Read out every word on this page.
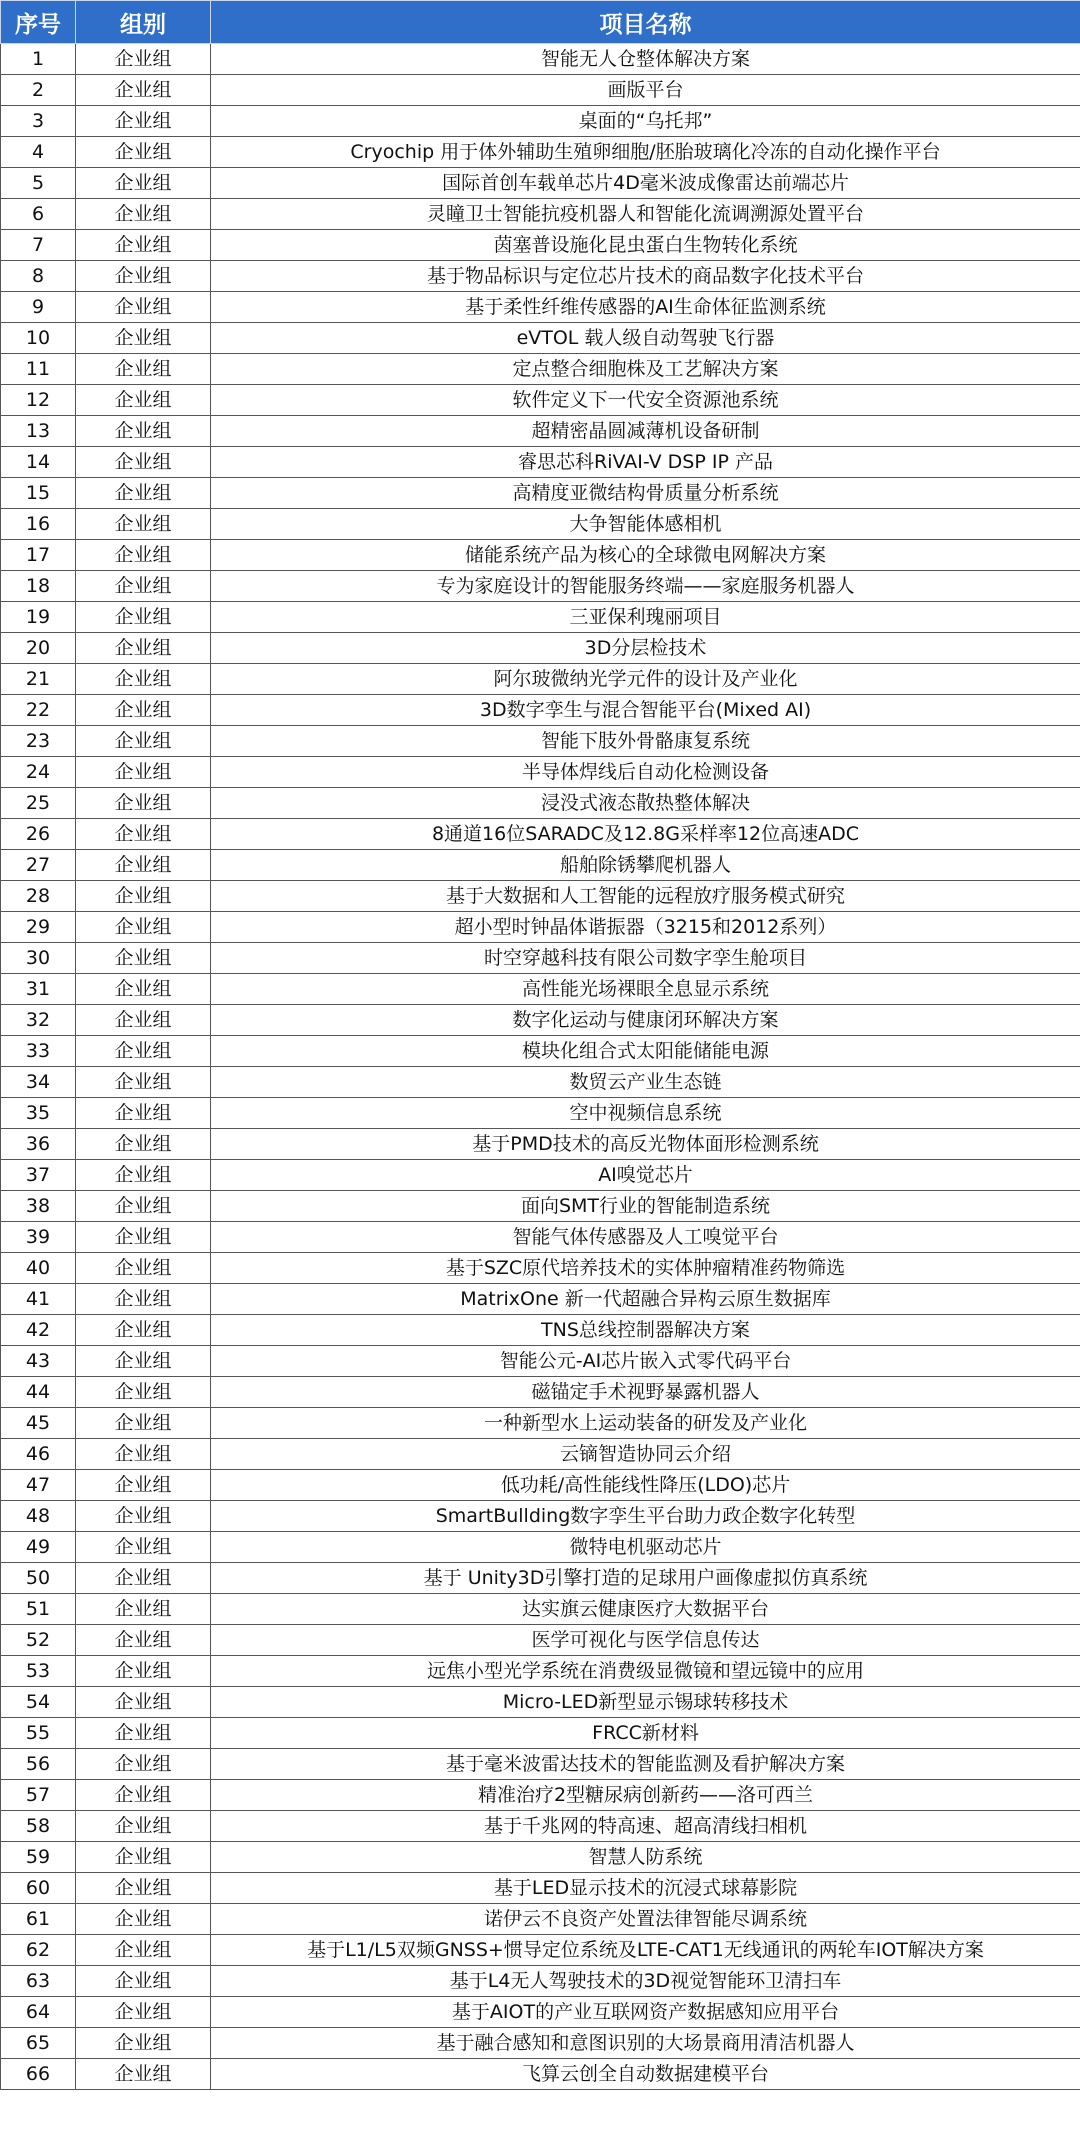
序号	组别	项目名称
1	企业组	智能无人仓整体解决方案
2	企业组	画版平台
3	企业组	桌面的“乌托邦”
4	企业组	Cryochip 用于体外辅助生殖卵细胞/胚胎玻璃化冷冻的自动化操作平台
5	企业组	国际首创车载单芯片4D毫米波成像雷达前端芯片
6	企业组	灵瞳卫士智能抗疫机器人和智能化流调溯源处置平台
7	企业组	茵塞普设施化昆虫蛋白生物转化系统
8	企业组	基于物品标识与定位芯片技术的商品数字化技术平台
9	企业组	基于柔性纤维传感器的AI生命体征监测系统
10	企业组	eVTOL 载人级自动驾驶飞行器
11	企业组	定点整合细胞株及工艺解决方案
12	企业组	软件定义下一代安全资源池系统
13	企业组	超精密晶圆减薄机设备研制
14	企业组	睿思芯科RiVAI-V DSP IP 产品
15	企业组	高精度亚微结构骨质量分析系统
16	企业组	大争智能体感相机
17	企业组	储能系统产品为核心的全球微电网解决方案
18	企业组	专为家庭设计的智能服务终端——家庭服务机器人
19	企业组	三亚保利瑰丽项目
20	企业组	3D分层检技术
21	企业组	阿尔玻微纳光学元件的设计及产业化
22	企业组	3D数字孪生与混合智能平台(Mixed AI)
23	企业组	智能下肢外骨骼康复系统
24	企业组	半导体焊线后自动化检测设备
25	企业组	浸没式液态散热整体解决
26	企业组	8通道16位SARADC及12.8G采样率12位高速ADC
27	企业组	船舶除锈攀爬机器人
28	企业组	基于大数据和人工智能的远程放疗服务模式研究
29	企业组	超小型时钟晶体谐振器（3215和2012系列）
30	企业组	时空穿越科技有限公司数字孪生舱项目
31	企业组	高性能光场裸眼全息显示系统
32	企业组	数字化运动与健康闭环解决方案
33	企业组	模块化组合式太阳能储能电源
34	企业组	数贸云产业生态链
35	企业组	空中视频信息系统
36	企业组	基于PMD技术的高反光物体面形检测系统
37	企业组	AI嗅觉芯片
38	企业组	面向SMT行业的智能制造系统
39	企业组	智能气体传感器及人工嗅觉平台
40	企业组	基于SZC原代培养技术的实体肿瘤精准药物筛选
41	企业组	MatrixOne 新一代超融合异构云原生数据库
42	企业组	TNS总线控制器解决方案
43	企业组	智能公元-AI芯片嵌入式零代码平台
44	企业组	磁锚定手术视野暴露机器人
45	企业组	一种新型水上运动装备的研发及产业化
46	企业组	云镝智造协同云介绍
47	企业组	低功耗/高性能线性降压(LDO)芯片
48	企业组	SmartBullding数字孪生平台助力政企数字化转型
49	企业组	微特电机驱动芯片
50	企业组	基于 Unity3D引擎打造的足球用户画像虚拟仿真系统
51	企业组	达实旗云健康医疗大数据平台
52	企业组	医学可视化与医学信息传达
53	企业组	远焦小型光学系统在消费级显微镜和望远镜中的应用
54	企业组	Micro-LED新型显示锡球转移技术
55	企业组	FRCC新材料
56	企业组	基于毫米波雷达技术的智能监测及看护解决方案
57	企业组	精准治疗2型糖尿病创新药——洛可西兰
58	企业组	基于千兆网的特高速、超高清线扫相机
59	企业组	智慧人防系统
60	企业组	基于LED显示技术的沉浸式球幕影院
61	企业组	诺伊云不良资产处置法律智能尽调系统
62	企业组	基于L1/L5双频GNSS+惯导定位系统及LTE-CAT1无线通讯的两轮车IOT解决方案
63	企业组	基于L4无人驾驶技术的3D视觉智能环卫清扫车
64	企业组	基于AIOT的产业互联网资产数据感知应用平台
65	企业组	基于融合感知和意图识别的大场景商用清洁机器人
66	企业组	飞算云创全自动数据建模平台
